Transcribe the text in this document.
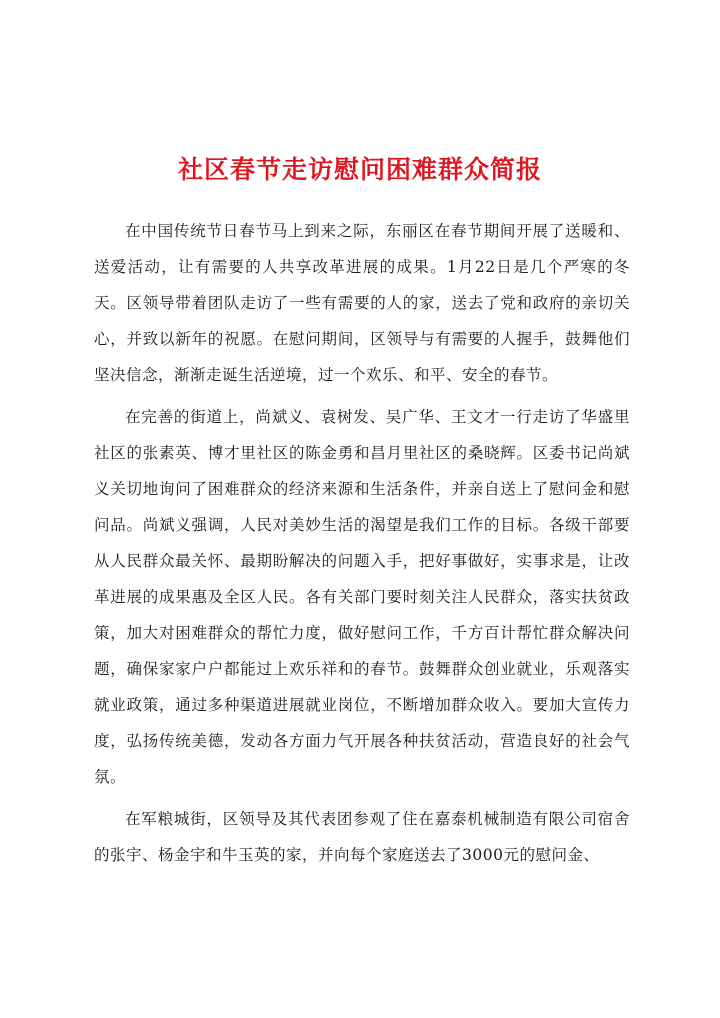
社区春节走访慰问困难群众简报

在中国传统节日春节马上到来之际，东丽区在春节期间开展了送暖和、送爱活动，让有需要的人共享改革进展的成果。1月22日是几个严寒的冬天。区领导带着团队走访了一些有需要的人的家，送去了党和政府的亲切关心，并致以新年的祝愿。在慰问期间，区领导与有需要的人握手，鼓舞他们坚决信念，渐渐走诞生活逆境，过一个欢乐、和平、安全的春节。

在完善的街道上，尚斌义、袁树发、吴广华、王文才一行走访了华盛里社区的张素英、博才里社区的陈金勇和昌月里社区的桑晓辉。区委书记尚斌义关切地询问了困难群众的经济来源和生活条件，并亲自送上了慰问金和慰问品。尚斌义强调，人民对美妙生活的渴望是我们工作的目标。各级干部要从人民群众最关怀、最期盼解决的问题入手，把好事做好，实事求是，让改革进展的成果惠及全区人民。各有关部门要时刻关注人民群众，落实扶贫政策，加大对困难群众的帮忙力度，做好慰问工作，千方百计帮忙群众解决问题，确保家家户户都能过上欢乐祥和的春节。鼓舞群众创业就业，乐观落实就业政策，通过多种渠道进展就业岗位，不断增加群众收入。要加大宣传力度，弘扬传统美德，发动各方面力气开展各种扶贫活动，营造良好的社会气氛。

在军粮城街，区领导及其代表团参观了住在嘉泰机械制造有限公司宿舍的张宇、杨金宇和牛玉英的家，并向每个家庭送去了3000元的慰问金、
